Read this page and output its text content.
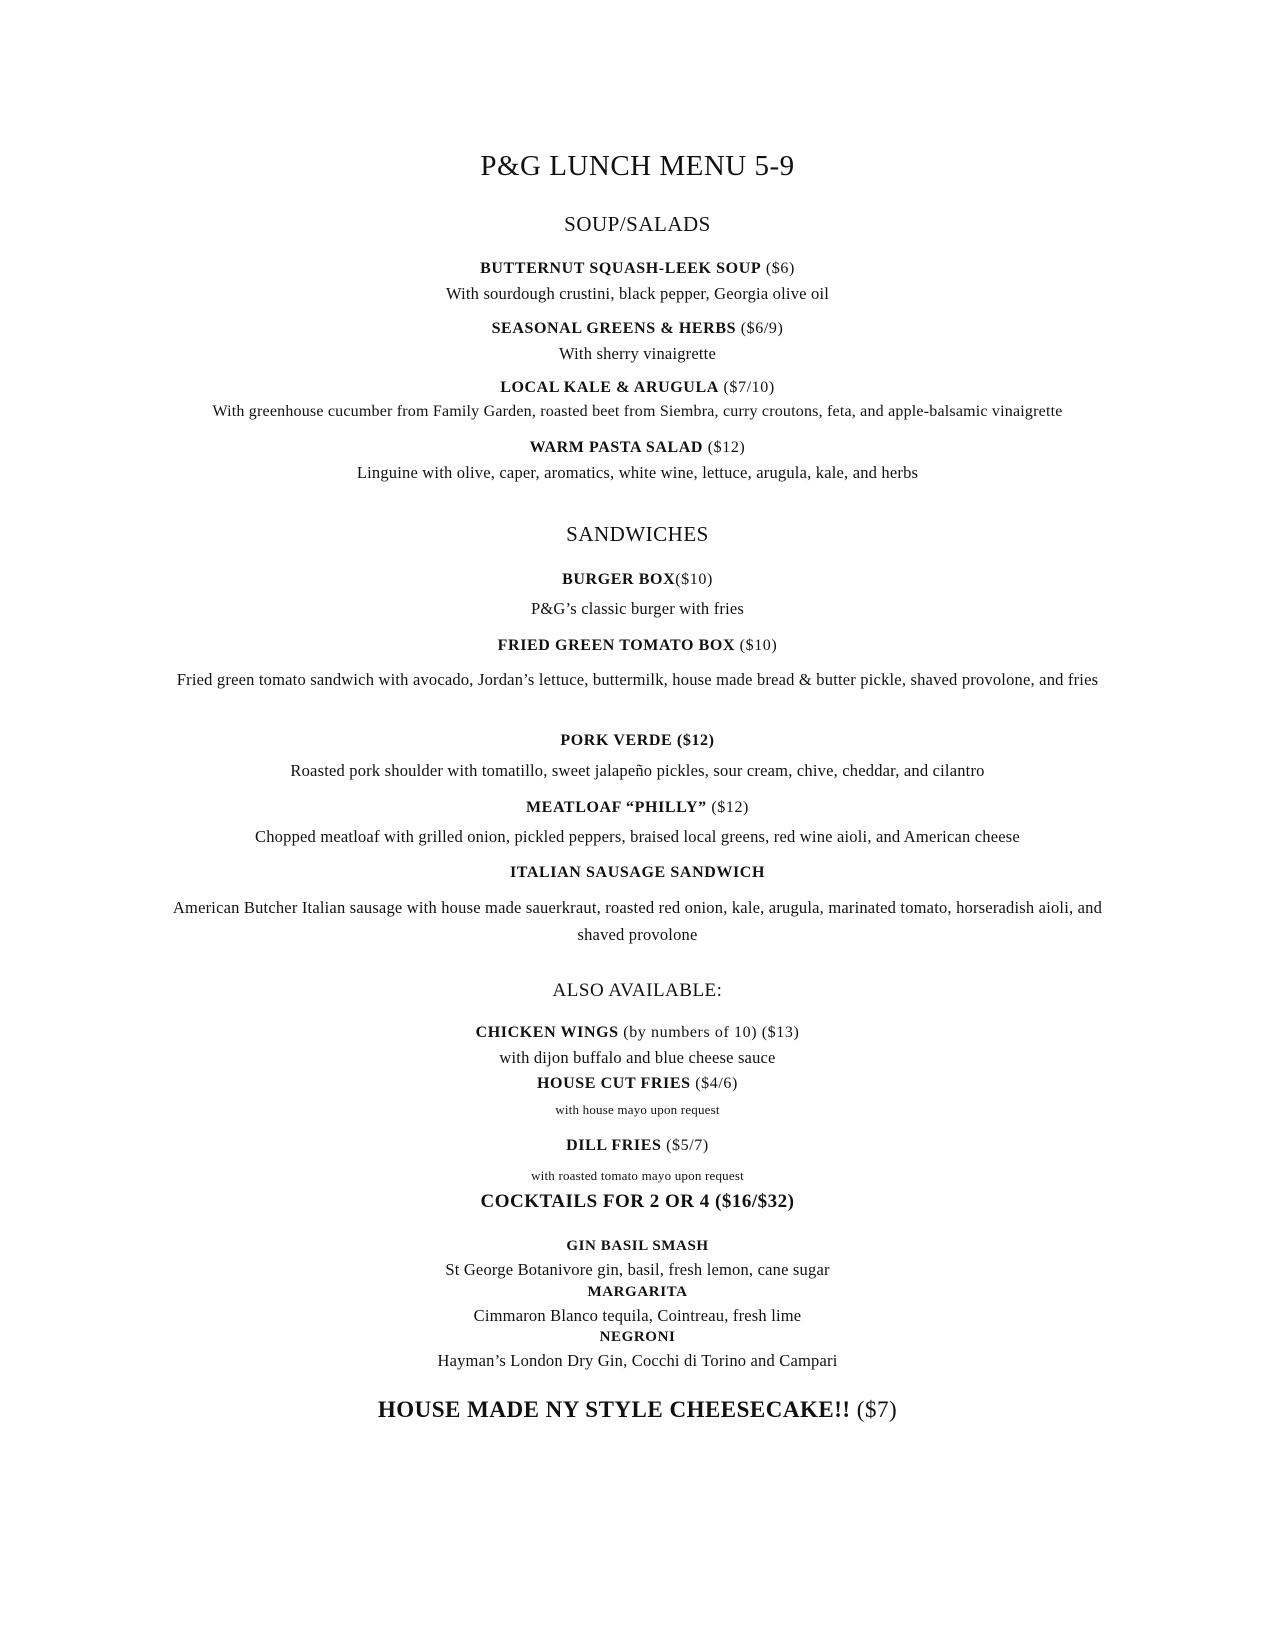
P&G LUNCH MENU 5-9
SOUP/SALADS
BUTTERNUT SQUASH-LEEK SOUP ($6)
With sourdough crustini, black pepper, Georgia olive oil
SEASONAL GREENS & HERBS ($6/9)
With sherry vinaigrette
LOCAL KALE & ARUGULA ($7/10)
With greenhouse cucumber from Family Garden, roasted beet from Siembra, curry croutons, feta, and apple-balsamic vinaigrette
WARM PASTA SALAD ($12)
Linguine with olive, caper, aromatics, white wine, lettuce, arugula, kale, and herbs
SANDWICHES
BURGER BOX($10)
P&G’s classic burger with fries
FRIED GREEN TOMATO BOX ($10)
Fried green tomato sandwich with avocado, Jordan’s lettuce, buttermilk, house made bread & butter pickle, shaved provolone, and fries
PORK VERDE ($12)
Roasted pork shoulder with tomatillo, sweet jalapeño pickles, sour cream, chive, cheddar, and cilantro
MEATLOAF “PHILLY” ($12)
Chopped meatloaf with grilled onion, pickled peppers, braised local greens, red wine aioli, and American cheese
ITALIAN SAUSAGE SANDWICH
American Butcher Italian sausage with house made sauerkraut, roasted red onion, kale, arugula, marinated tomato, horseradish aioli, and shaved provolone
ALSO AVAILABLE:
CHICKEN WINGS (by numbers of 10) ($13)
with dijon buffalo and blue cheese sauce
HOUSE CUT FRIES ($4/6)
with house mayo upon request
DILL FRIES ($5/7)
with roasted tomato mayo upon request
COCKTAILS FOR 2 OR 4 ($16/$32)
GIN BASIL SMASH
St George Botanivore gin, basil, fresh lemon, cane sugar
MARGARITA
Cimmaron Blanco tequila, Cointreau, fresh lime
NEGRONI
Hayman’s London Dry Gin, Cocchi di Torino and Campari
HOUSE MADE NY STYLE CHEESECAKE!! ($7)
